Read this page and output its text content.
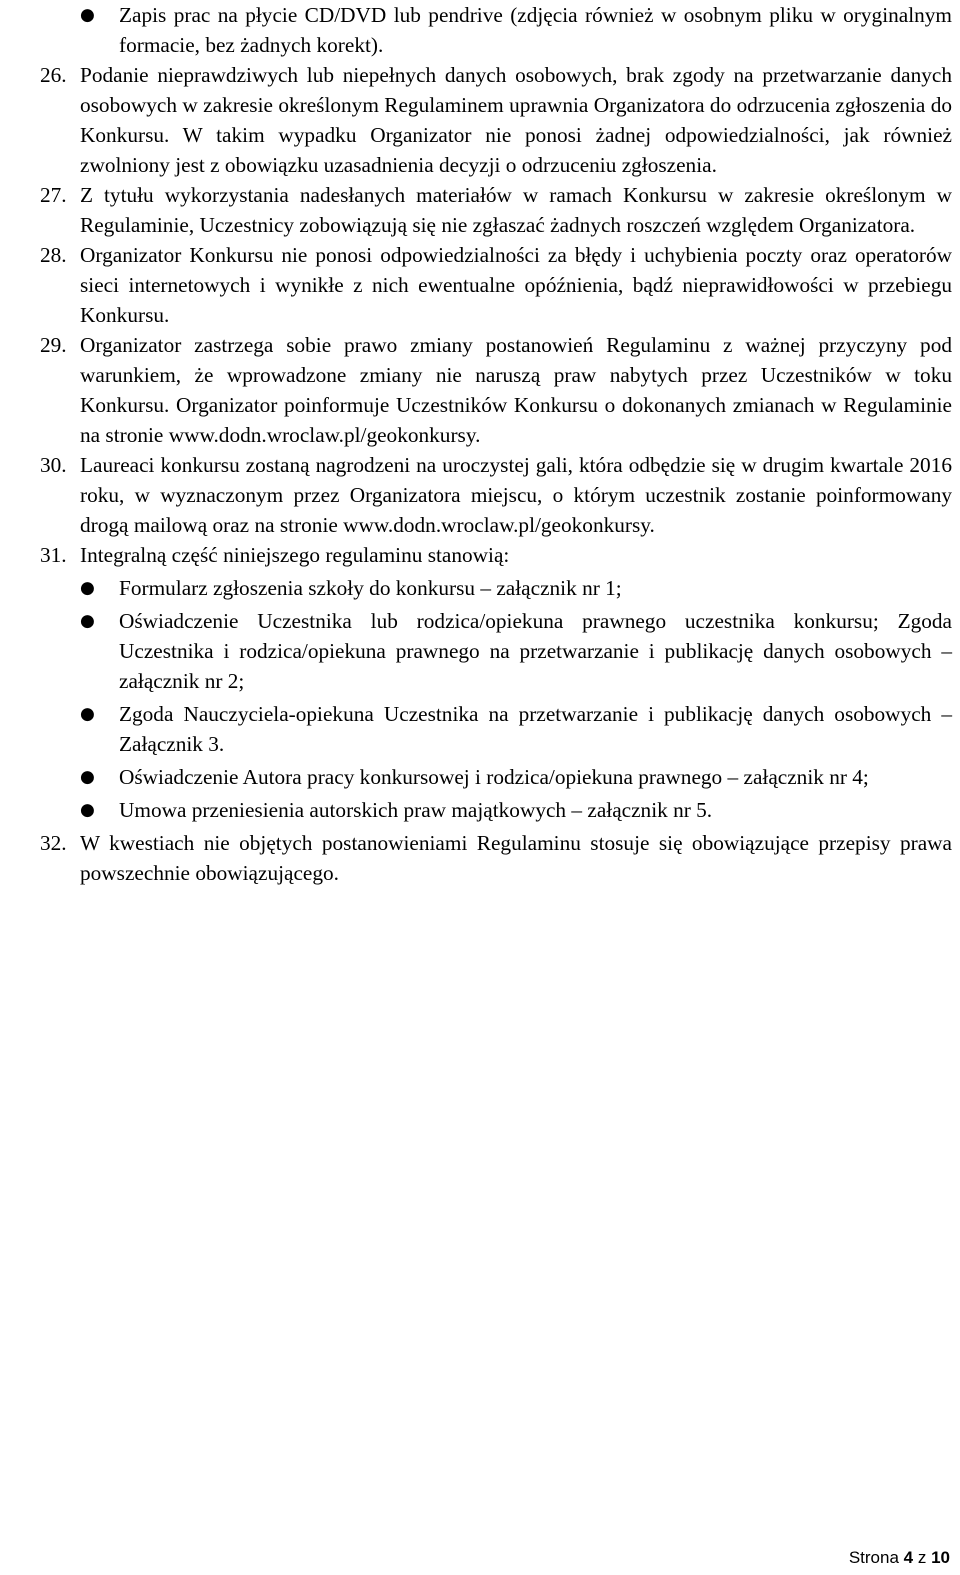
●	Zapis prac na płycie CD/DVD lub pendrive (zdjęcia również w osobnym pliku w oryginalnym formacie, bez żadnych korekt).
26. Podanie nieprawdziwych lub niepełnych danych osobowych, brak zgody na przetwarzanie danych osobowych w zakresie określonym Regulaminem uprawnia Organizatora do odrzucenia zgłoszenia do Konkursu. W takim wypadku Organizator nie ponosi żadnej odpowiedzialności, jak również zwolniony jest z obowiązku uzasadnienia decyzji o odrzuceniu zgłoszenia.
27. Z tytułu wykorzystania nadesłanych materiałów w ramach Konkursu w zakresie określonym w Regulaminie, Uczestnicy zobowiązują się nie zgłaszać żadnych roszczeń względem Organizatora.
28. Organizator Konkursu nie ponosi odpowiedzialności za błędy i uchybienia poczty oraz operatorów sieci internetowych i wynikłe z nich ewentualne opóźnienia, bądź nieprawidłowości w przebiegu Konkursu.
29. Organizator zastrzega sobie prawo zmiany postanowień Regulaminu z ważnej przyczyny pod warunkiem, że wprowadzone zmiany nie naruszą praw nabytych przez Uczestników w toku Konkursu. Organizator poinformuje Uczestników Konkursu o dokonanych zmianach w Regulaminie na stronie www.dodn.wroclaw.pl/geokonkursy.
30. Laureaci konkursu zostaną nagrodzeni na uroczystej gali, która odbędzie się w drugim kwartale 2016 roku, w wyznaczonym przez Organizatora miejscu, o którym uczestnik zostanie poinformowany drogą mailową oraz na stronie www.dodn.wroclaw.pl/geokonkursy.
31. Integralną część niniejszego regulaminu stanowią:
●	Formularz zgłoszenia szkoły do konkursu – załącznik nr 1;
●	Oświadczenie Uczestnika lub rodzica/opiekuna prawnego uczestnika konkursu; Zgoda Uczestnika i rodzica/opiekuna prawnego na przetwarzanie i publikację danych osobowych – załącznik nr 2;
●	Zgoda Nauczyciela-opiekuna Uczestnika na przetwarzanie i publikację danych osobowych – Załącznik 3.
●	Oświadczenie Autora pracy konkursowej i rodzica/opiekuna prawnego – załącznik nr 4;
●	Umowa przeniesienia autorskich praw majątkowych – załącznik nr 5.
32. W kwestiach nie objętych postanowieniami Regulaminu stosuje się obowiązujące przepisy prawa powszechnie obowiązującego.
Strona 4 z 10
